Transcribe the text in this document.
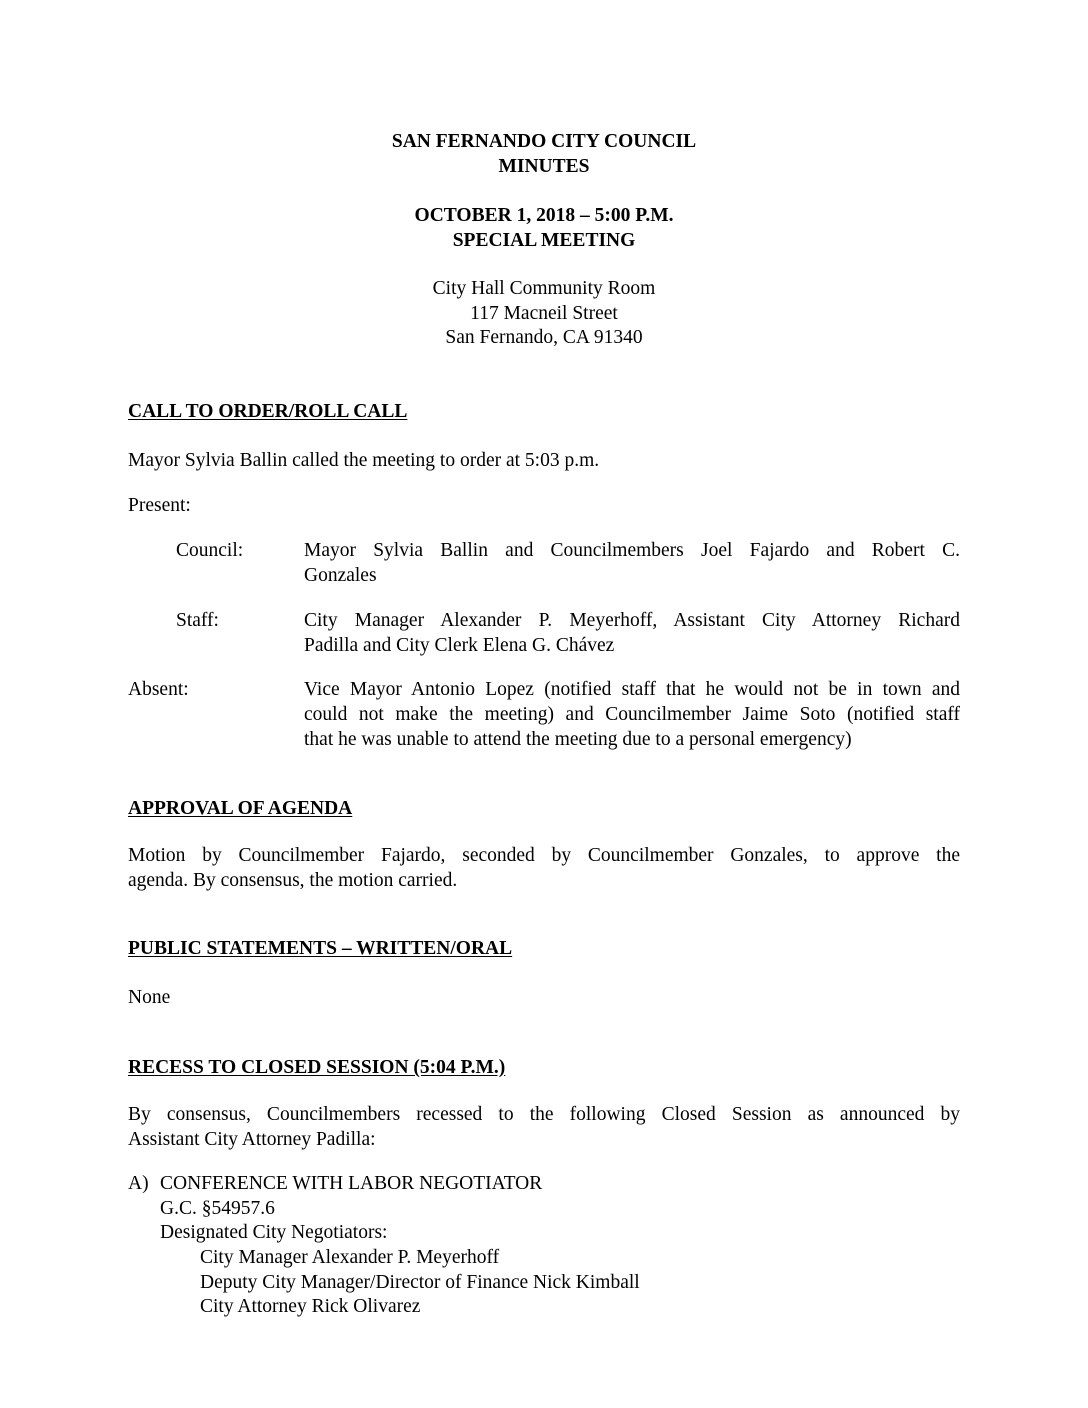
SAN FERNANDO CITY COUNCIL
MINUTES
OCTOBER 1, 2018 – 5:00 P.M.
SPECIAL MEETING
City Hall Community Room
117 Macneil Street
San Fernando, CA 91340
CALL TO ORDER/ROLL CALL
Mayor Sylvia Ballin called the meeting to order at 5:03 p.m.
Present:
Council:	Mayor Sylvia Ballin and Councilmembers Joel Fajardo and Robert C.
Gonzales
Staff:	City Manager Alexander P. Meyerhoff, Assistant City Attorney Richard
Padilla and City Clerk Elena G. Chávez
Absent:	Vice Mayor Antonio Lopez (notified staff that he would not be in town and
could not make the meeting) and Councilmember Jaime Soto (notified staff
that he was unable to attend the meeting due to a personal emergency)
APPROVAL OF AGENDA
Motion by Councilmember Fajardo, seconded by Councilmember Gonzales, to approve the
agenda. By consensus, the motion carried.
PUBLIC STATEMENTS – WRITTEN/ORAL
None
RECESS TO CLOSED SESSION (5:04 P.M.)
By consensus, Councilmembers recessed to the following Closed Session as announced by
Assistant City Attorney Padilla:
A) CONFERENCE WITH LABOR NEGOTIATOR
G.C. §54957.6
Designated City Negotiators:
City Manager Alexander P. Meyerhoff
Deputy City Manager/Director of Finance Nick Kimball
City Attorney Rick Olivarez
